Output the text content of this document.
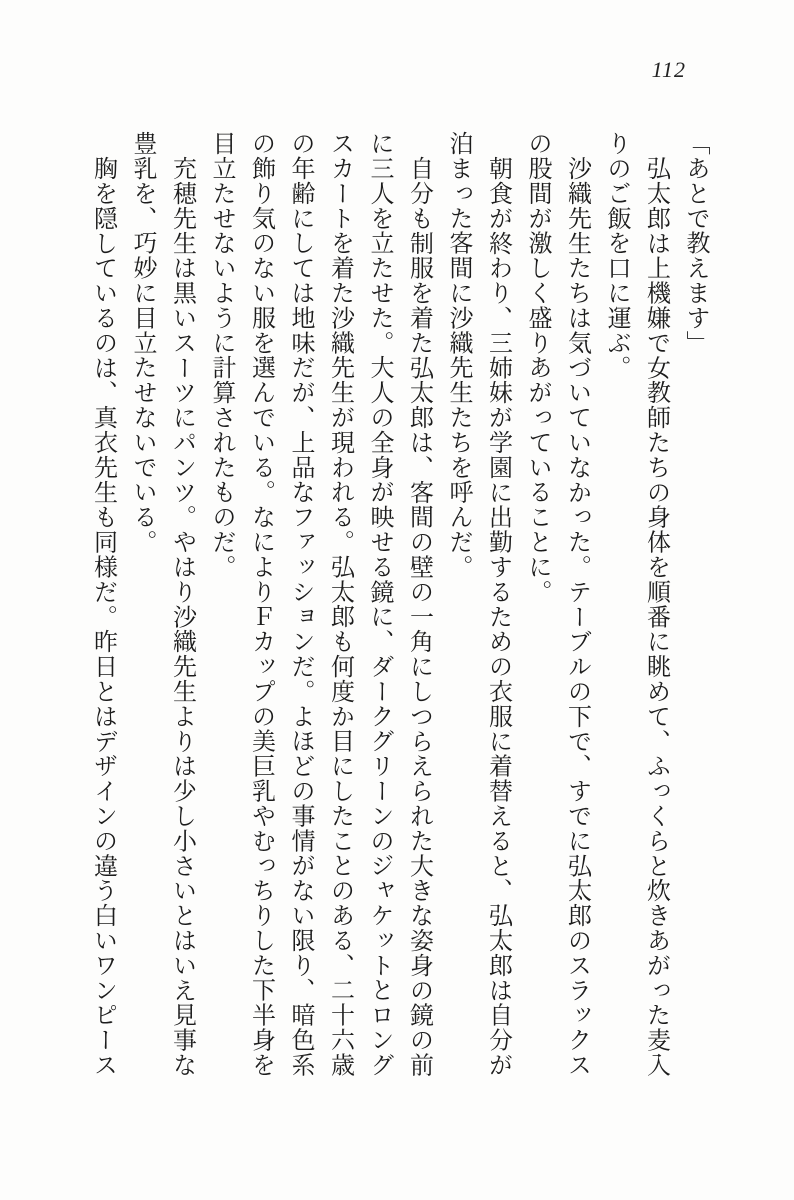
112

「あとで教えます」

弘太郎は上機嫌で女教師たちの身体を順番に眺めて、ふっくらと炊きあがった麦入

りのご飯を口に運ぶ。

沙織先生たちは気づいていなかった。テーブルの下で、すでに弘太郎のスラックス

の股間が激しく盛りあがっていることに。

朝食が終わり、三姉妹が学園に出勤するための衣服に着替えると、弘太郎は自分が

泊まった客間に沙織先生たちを呼んだ。

自分も制服を着た弘太郎は、客間の壁の一角にしつらえられた大きな姿身の鏡の前

に三人を立たせた。大人の全身が映せる鏡に、ダークグリーンのジャケットとロング

スカートを着た沙織先生が現われる。弘太郎も何度か目にしたことのある、二十六歳

の年齢にしては地味だが、上品なファッションだ。よほどの事情がない限り、暗色系

の飾り気のない服を選んでいる。なによりＦカップの美巨乳やむっちりした下半身を

目立たせないように計算されたものだ。

充穂先生は黒いスーツにパンツ。やはり沙織先生よりは少し小さいとはいえ見事な

豊乳を、巧妙に目立たせないでいる。

胸を隠しているのは、真衣先生も同様だ。昨日とはデザインの違う白いワンピース
